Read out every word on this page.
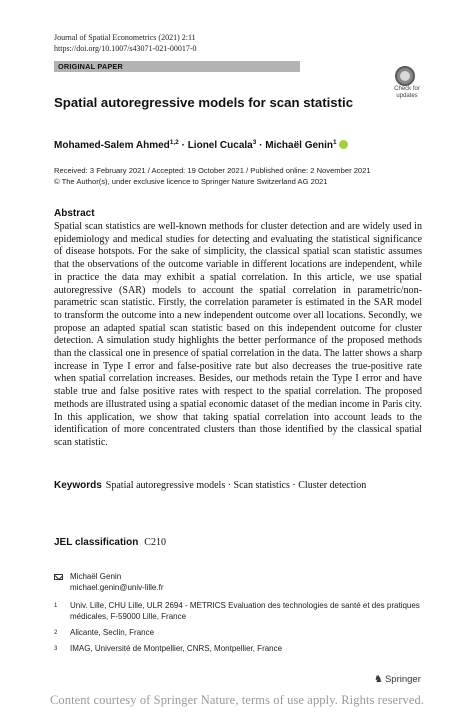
Journal of Spatial Econometrics (2021) 2:11
https://doi.org/10.1007/s43071-021-00017-0
ORIGINAL PAPER
Check for
updates
Spatial autoregressive models for scan statistic
Mohamed-Salem Ahmed$^{1,2}$ · Lionel Cucala$^3$ · Michaël Genin$^1$
Received: 3 February 2021 / Accepted: 19 October 2021 / Published online: 2 November 2021
© The Author(s), under exclusive licence to Springer Nature Switzerland AG 2021
Abstract
Spatial scan statistics are well-known methods for cluster detection and are widely used in epidemiology and medical studies for detecting and evaluating the statistical significance of disease hotspots. For the sake of simplicity, the classical spatial scan statistic assumes that the observations of the outcome variable in different locations are independent, while in practice the data may exhibit a spatial correlation. In this article, we use spatial autoregressive (SAR) models to account the spatial correlation in parametric/non-parametric scan statistic. Firstly, the correlation parameter is estimated in the SAR model to transform the outcome into a new independent outcome over all locations. Secondly, we propose an adapted spatial scan statistic based on this independent outcome for cluster detection. A simulation study highlights the better performance of the proposed methods than the classical one in presence of spatial correlation in the data. The latter shows a sharp increase in Type I error and false-positive rate but also decreases the true-positive rate when spatial correlation increases. Besides, our methods retain the Type I error and have stable true and false positive rates with respect to the spatial correlation. The proposed methods are illustrated using a spatial economic dataset of the median income in Paris city. In this application, we show that taking spatial correlation into account leads to the identification of more concentrated clusters than those identified by the classical spatial scan statistic.
Keywords Spatial autoregressive models · Scan statistics · Cluster detection
JEL classification C210
Michaël Genin
michael.genin@univ-lille.fr
1 Univ. Lille, CHU Lille, ULR 2694 - METRICS Evaluation des technologies de santé et des pratiques médicales, F-59000 Lille, France
2 Alicante, Seclin, France
3 IMAG, Université de Montpellier, CNRS, Montpellier, France
♞ Springer
Content courtesy of Springer Nature, terms of use apply. Rights reserved.
